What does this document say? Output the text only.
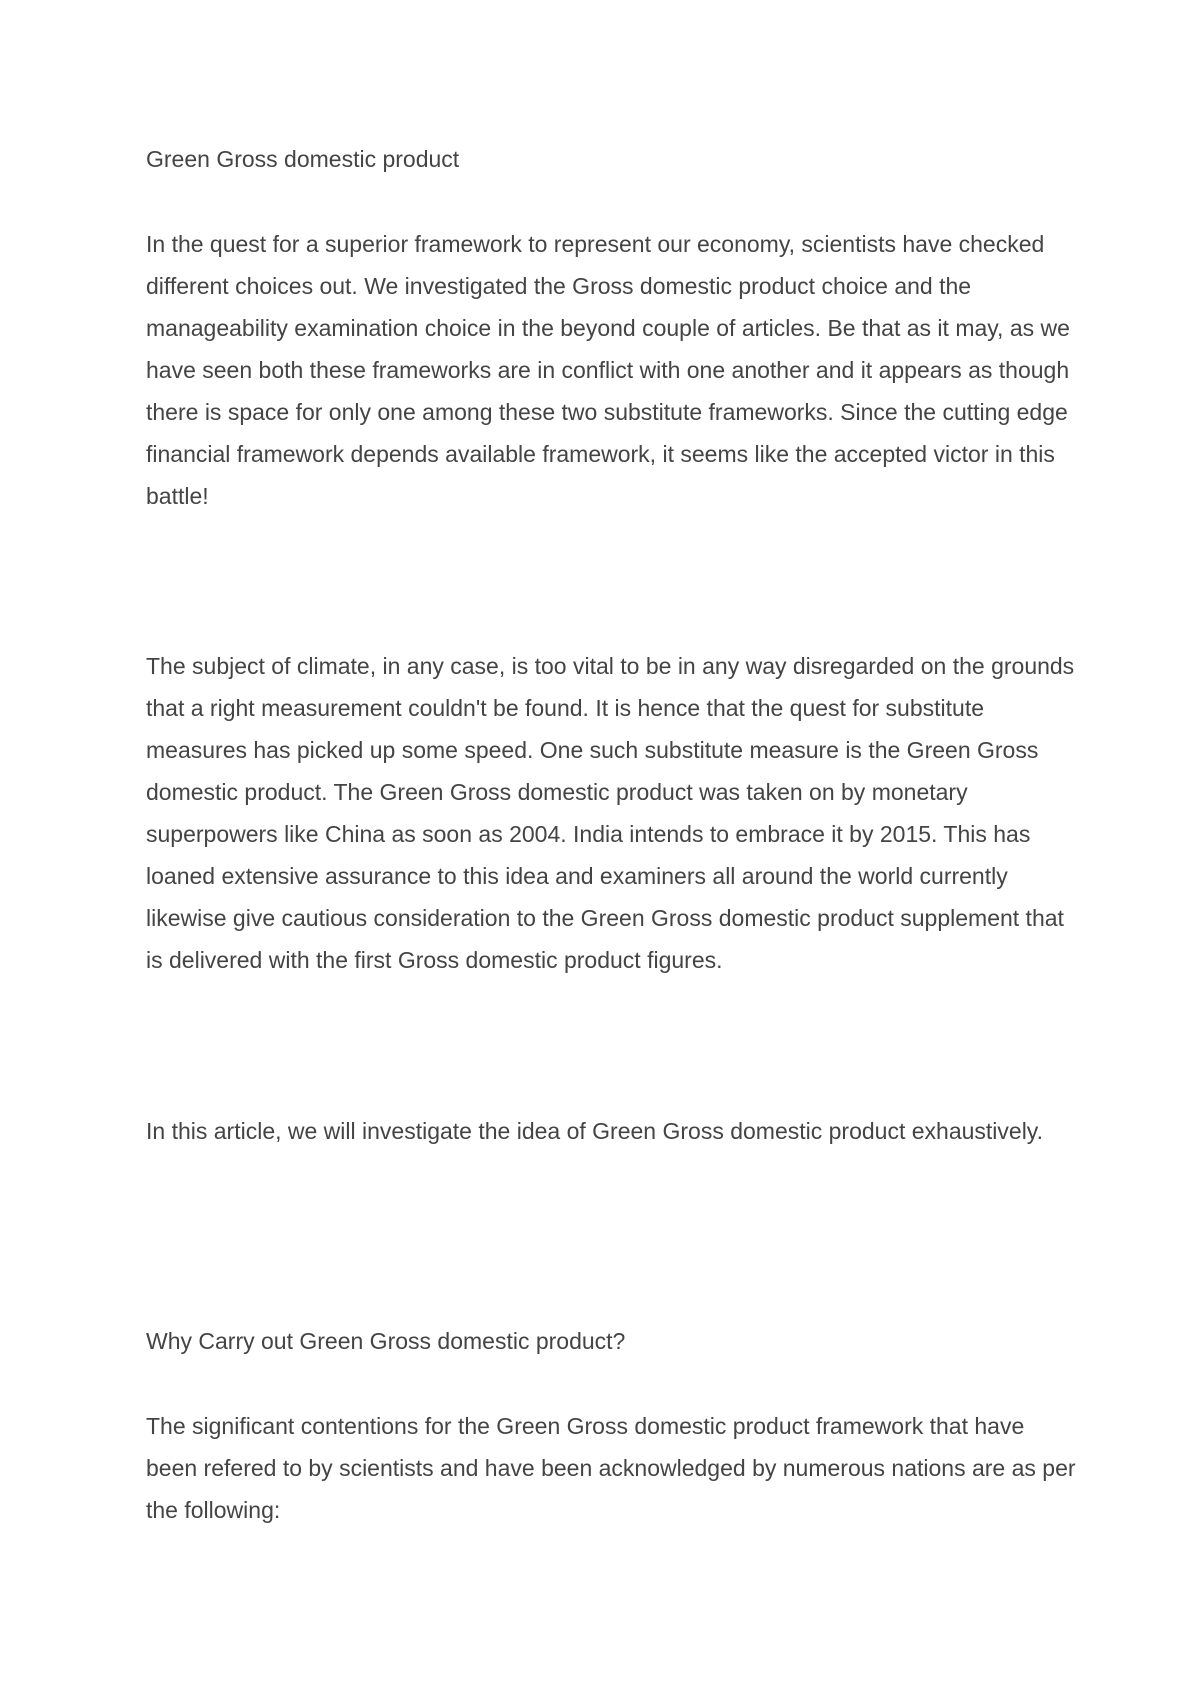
Green Gross domestic product

In the quest for a superior framework to represent our economy, scientists have checked different choices out. We investigated the Gross domestic product choice and the manageability examination choice in the beyond couple of articles. Be that as it may, as we have seen both these frameworks are in conflict with one another and it appears as though there is space for only one among these two substitute frameworks. Since the cutting edge financial framework depends available framework, it seems like the accepted victor in this battle!

The subject of climate, in any case, is too vital to be in any way disregarded on the grounds that a right measurement couldn't be found. It is hence that the quest for substitute measures has picked up some speed. One such substitute measure is the Green Gross domestic product. The Green Gross domestic product was taken on by monetary superpowers like China as soon as 2004. India intends to embrace it by 2015. This has loaned extensive assurance to this idea and examiners all around the world currently likewise give cautious consideration to the Green Gross domestic product supplement that is delivered with the first Gross domestic product figures.

In this article, we will investigate the idea of Green Gross domestic product exhaustively.

Why Carry out Green Gross domestic product?

The significant contentions for the Green Gross domestic product framework that have been refered to by scientists and have been acknowledged by numerous nations are as per the following:
